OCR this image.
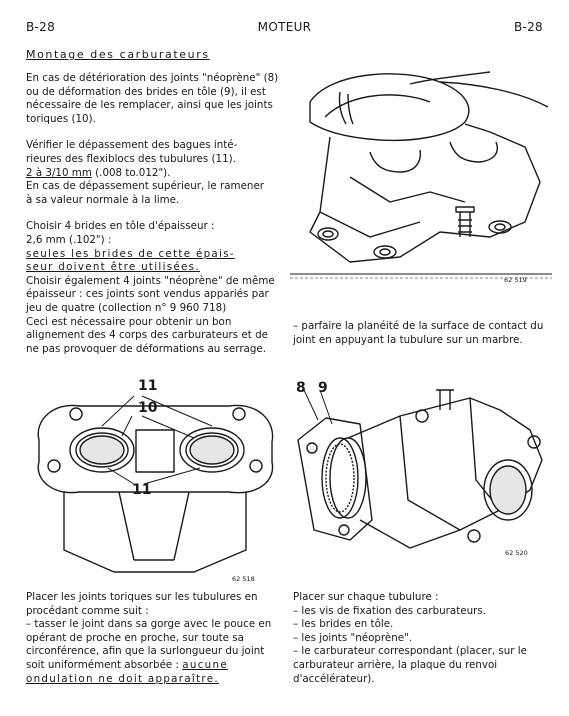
B-28	MOTEUR	B-28
Montage des carburateurs

En cas de détérioration des joints "néoprène" (8) ou de déformation des brides en tôle (9), il est nécessaire de les remplacer, ainsi que les joints toriques (10).

Vérifier le dépassement des bagues inté-
rieures des flexiblocs des tubulures (11).
2 à 3/10 mm (.008 to.012").
En cas de dépassement supérieur, le ramener
à sa valeur normale à la lime.

Choisir 4 brides en tôle d'épaisseur :
2,6 mm (.102") :
seules les brides de cette épais-
seur doivent être utilisées.
Choisir également 4 joints "néoprène" de même épaisseur : ces joints sont vendus appariés par jeu de quatre (collection n° 9 960 718)

Ceci est nécessaire pour obtenir un bon alignement des 4 corps des carburateurs et de ne pas provoquer de déformations au serrage.

62 519

– parfaire la planéité de la surface de contact du joint en appuyant la tubulure sur un marbre.

11
10
11
62 518
8 9
62 520
Placer les joints toriques sur les tubulures en procédant comme suit :
– tasser le joint dans sa gorge avec le pouce en opérant de proche en proche, sur toute sa circonférence, afin que la surlongueur du joint soit uniformément absorbée : aucune ondulation ne doit apparaître.
Placer sur chaque tubulure :
– les vis de fixation des carburateurs.
– les brides en tôle.
– les joints "néoprène".
– le carburateur correspondant (placer, sur le carburateur arrière, la plaque du renvoi d'accélérateur).
